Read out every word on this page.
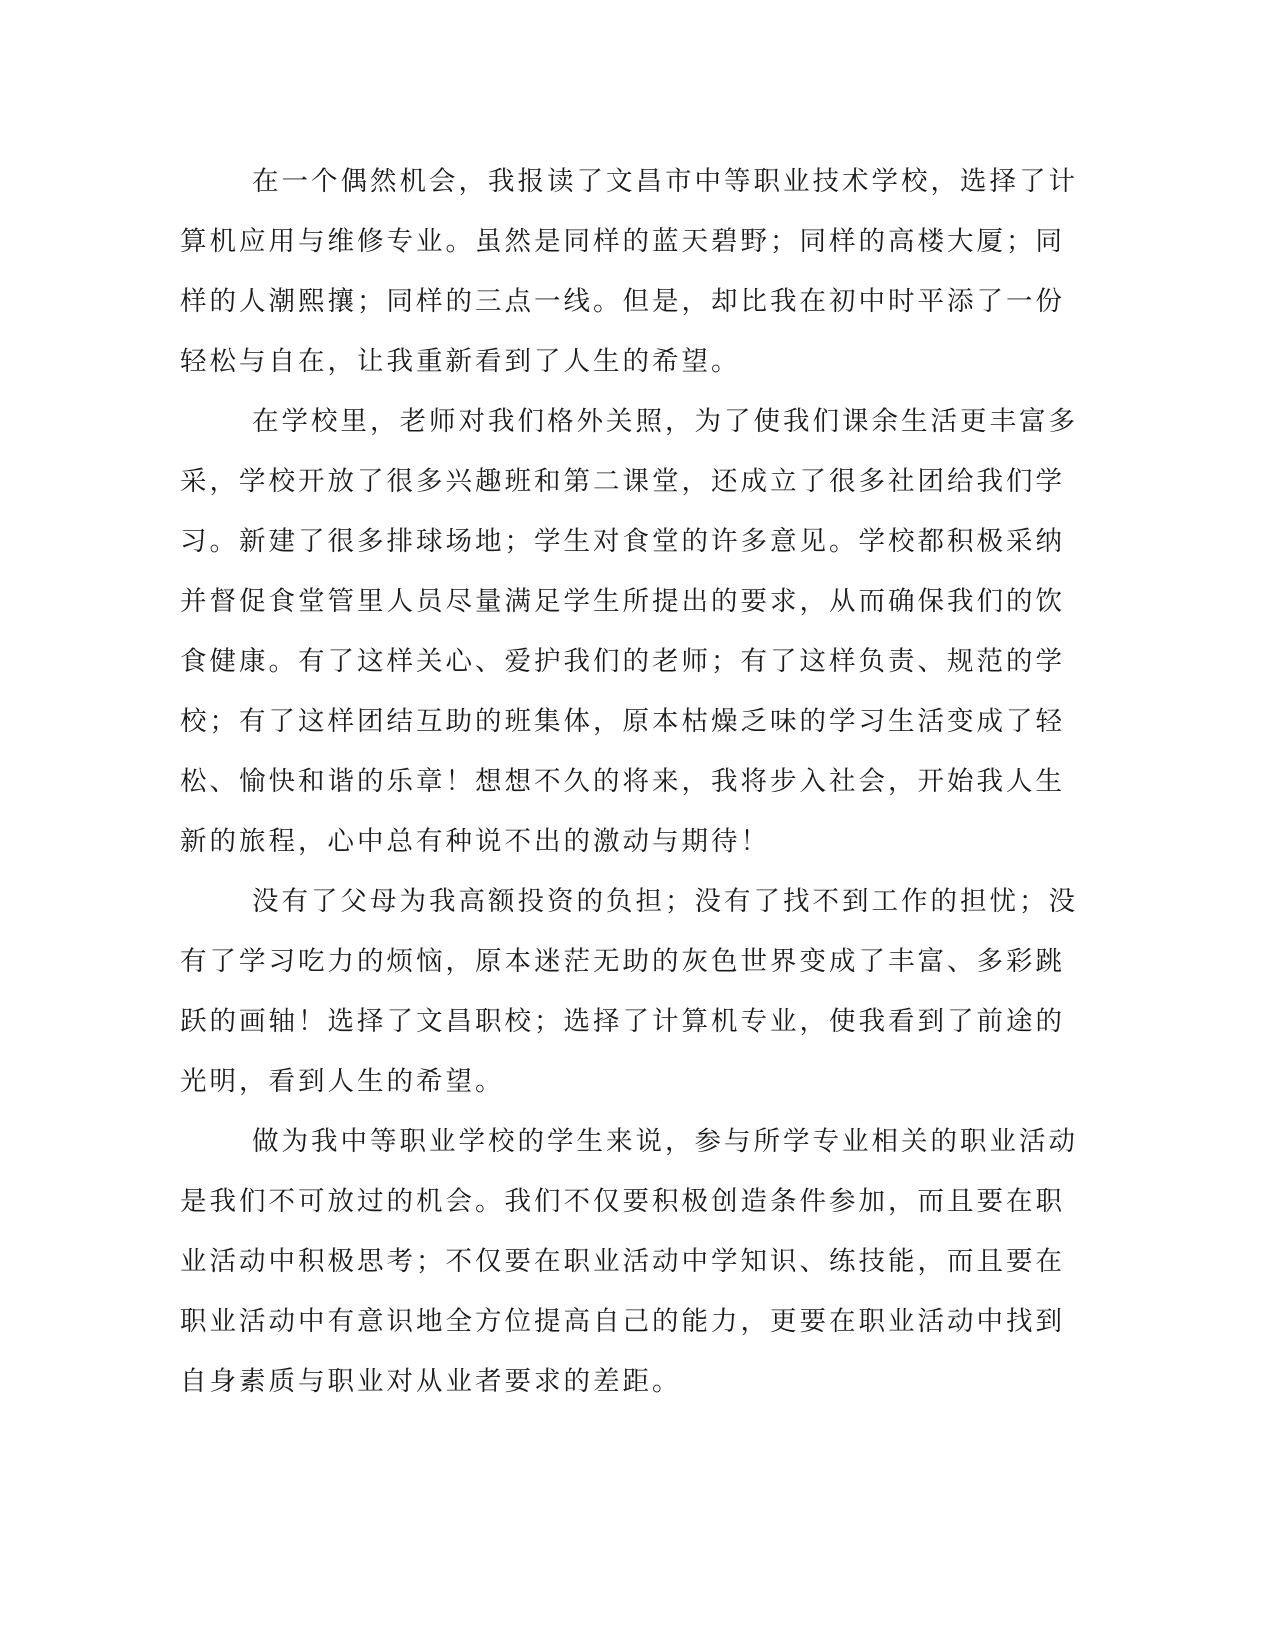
在一个偶然机会，我报读了文昌市中等职业技术学校，选择了计
算机应用与维修专业。虽然是同样的蓝天碧野；同样的高楼大厦；同
样的人潮熙攘；同样的三点一线。但是，却比我在初中时平添了一份
轻松与自在，让我重新看到了人生的希望。
在学校里，老师对我们格外关照，为了使我们课余生活更丰富多
采，学校开放了很多兴趣班和第二课堂，还成立了很多社团给我们学
习。新建了很多排球场地；学生对食堂的许多意见。学校都积极采纳
并督促食堂管里人员尽量满足学生所提出的要求，从而确保我们的饮
食健康。有了这样关心、爱护我们的老师；有了这样负责、规范的学
校；有了这样团结互助的班集体，原本枯燥乏味的学习生活变成了轻
松、愉快和谐的乐章！想想不久的将来，我将步入社会，开始我人生
新的旅程，心中总有种说不出的激动与期待！
没有了父母为我高额投资的负担；没有了找不到工作的担忧；没
有了学习吃力的烦恼，原本迷茫无助的灰色世界变成了丰富、多彩跳
跃的画轴！选择了文昌职校；选择了计算机专业，使我看到了前途的
光明，看到人生的希望。
做为我中等职业学校的学生来说，参与所学专业相关的职业活动
是我们不可放过的机会。我们不仅要积极创造条件参加，而且要在职
业活动中积极思考；不仅要在职业活动中学知识、练技能，而且要在
职业活动中有意识地全方位提高自己的能力，更要在职业活动中找到
自身素质与职业对从业者要求的差距。
